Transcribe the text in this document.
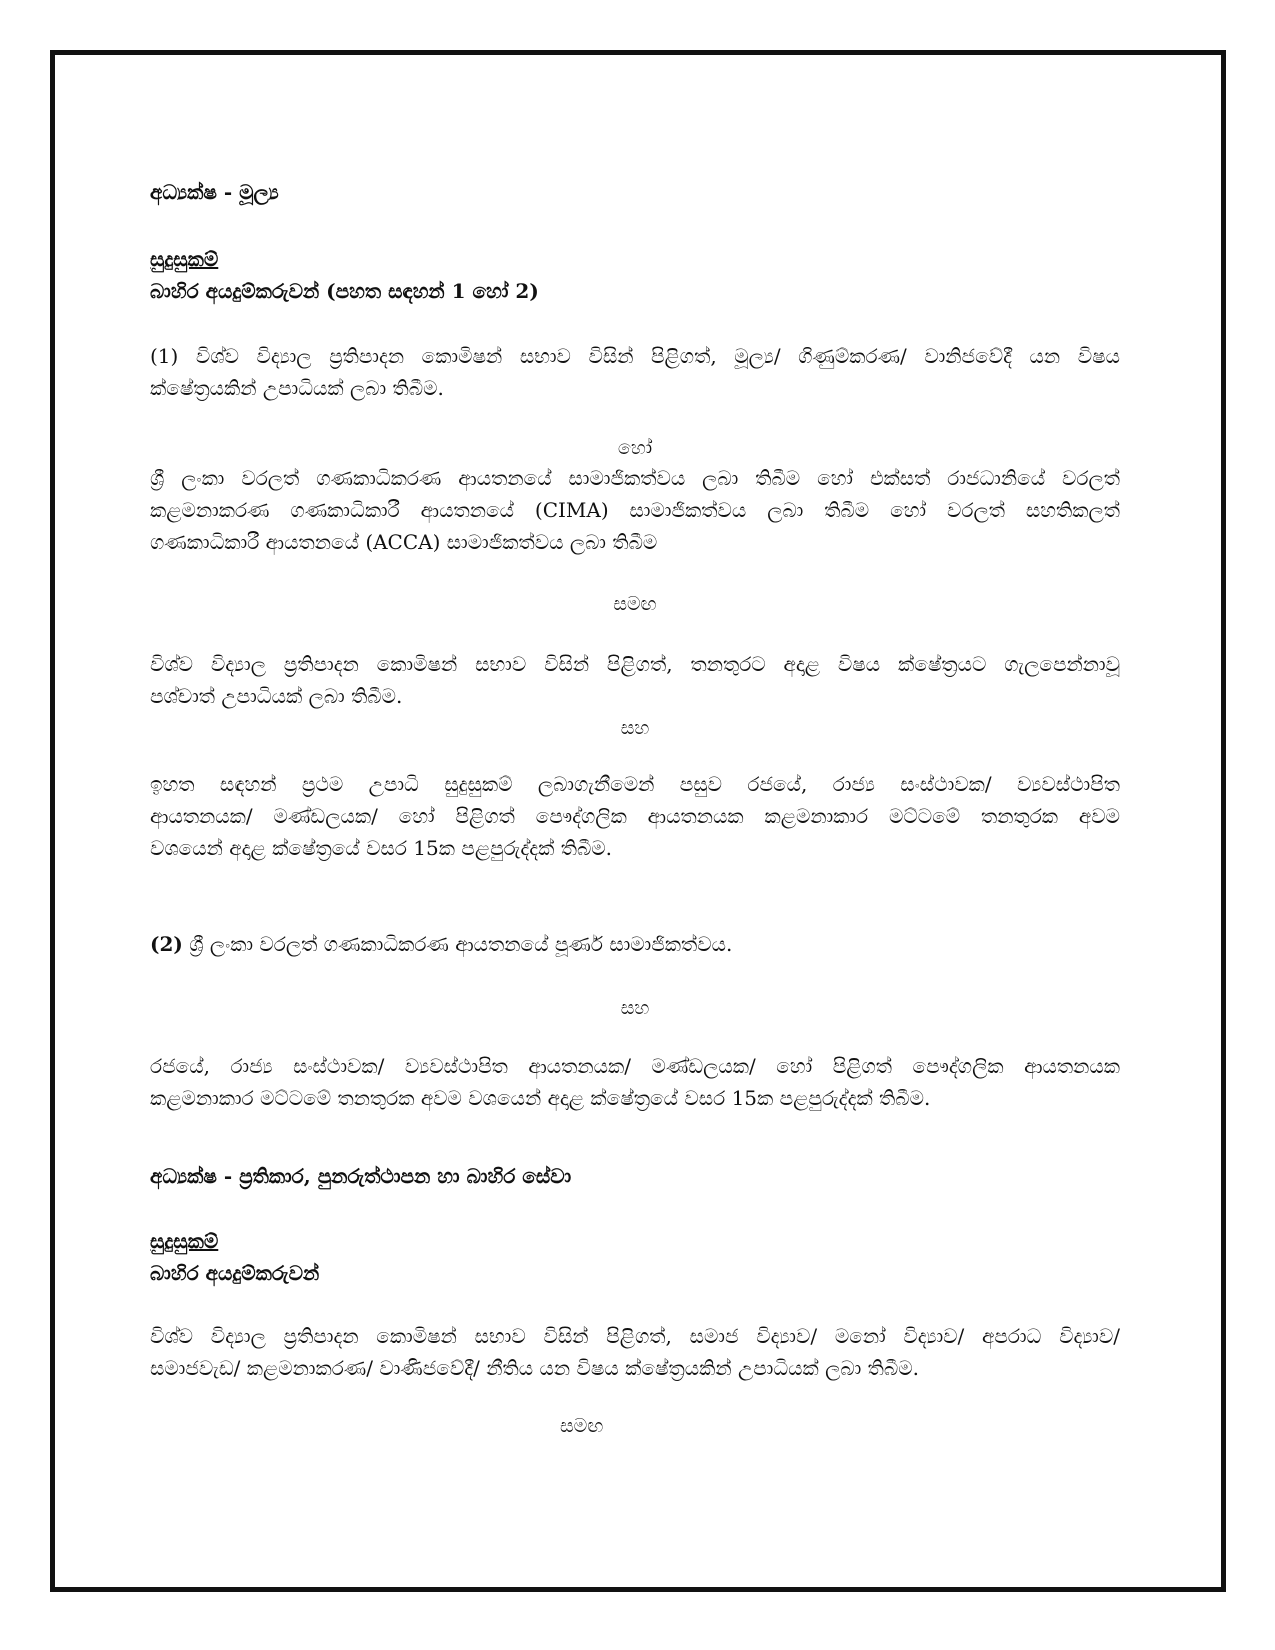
අධ්‍යක්ෂ - මූල්‍ය

සුදුසුකම්

බාහිර අයදුම්කරුවන් (පහත සඳහන් 1 හෝ 2)

(1) විශ්ව විද්‍යාල ප්‍රතිපාදන කොමිෂන් සභාව විසින් පිළිගත්, මූල්‍ය/ ගිණුම්කරණ/ වානිජවේදී යන විෂය
ක්ෂේත්‍රයකින් උපාධියක් ලබා තිබීම.

හෝ

ශ්‍රී ලංකා වරලත් ගණකාධිකරණ ආයතනයේ සාමාජිකත්වය ලබා තිබීම හෝ එක්සත් රාජධානියේ වරලත්
කළමනාකරණ ගණකාධිකාරී ආයතනයේ (CIMA) සාමාජිකත්වය ලබා තිබීම හෝ වරලත් සහතිකලත්
ගණකාධිකාරී ආයතනයේ (ACCA) සාමාජිකත්වය ලබා තිබීම

සමඟ

විශ්ව විද්‍යාල ප්‍රතිපාදන කොමිෂන් සභාව විසින් පිළිගත්, තනතුරට අදාළ විෂය ක්ෂේත්‍රයට ගැලපෙන්නාවූ
පශ්චාත් උපාධියක් ලබා තිබීම.

සහ

ඉහත සඳහන් ප්‍රථම උපාධි සුදුසුකම් ලබාගැනීමෙන් පසුව රජයේ, රාජ්‍ය සංස්ථාවක/ ව්‍යවස්ථාපිත
ආයතනයක/ මණ්ඩලයක/ හෝ පිළිගත් පෞද්ගලික ආයතනයක කළමනාකාර මට්ටමේ තනතුරක අවම
වශයෙන් අදාළ ක්ෂේත්‍රයේ වසර 15ක පළපුරුද්දක් තිබීම.

(2) ශ්‍රී ලංකා වරලත් ගණකාධිකරණ ආයතනයේ පූර්ණ සාමාජිකත්වය.

සහ

රජයේ, රාජ්‍ය සංස්ථාවක/ ව්‍යවස්ථාපිත ආයතනයක/ මණ්ඩලයක/ හෝ පිළිගත් පෞද්ගලික ආයතනයක
කළමනාකාර මට්ටමේ තනතුරක අවම වශයෙන් අදාළ ක්ෂේත්‍රයේ වසර 15ක පළපුරුද්දක් තිබීම.

අධ්‍යක්ෂ - ප්‍රතිකාර, පුනරුත්ථාපන හා බාහිර සේවා

සුදුසුකම්

බාහිර අයදුම්කරුවන්

විශ්ව විද්‍යාල ප්‍රතිපාදන කොමිෂන් සභාව විසින් පිළිගත්, සමාජ විද්‍යාව/ මනෝ විද්‍යාව/ අපරාධ විද්‍යාව/
සමාජවැඩ/ කළමනාකරණ/ වාණිජවේදී/ නීතිය යන විෂය ක්ෂේත්‍රයකින් උපාධියක් ලබා තිබීම.

සමඟ
